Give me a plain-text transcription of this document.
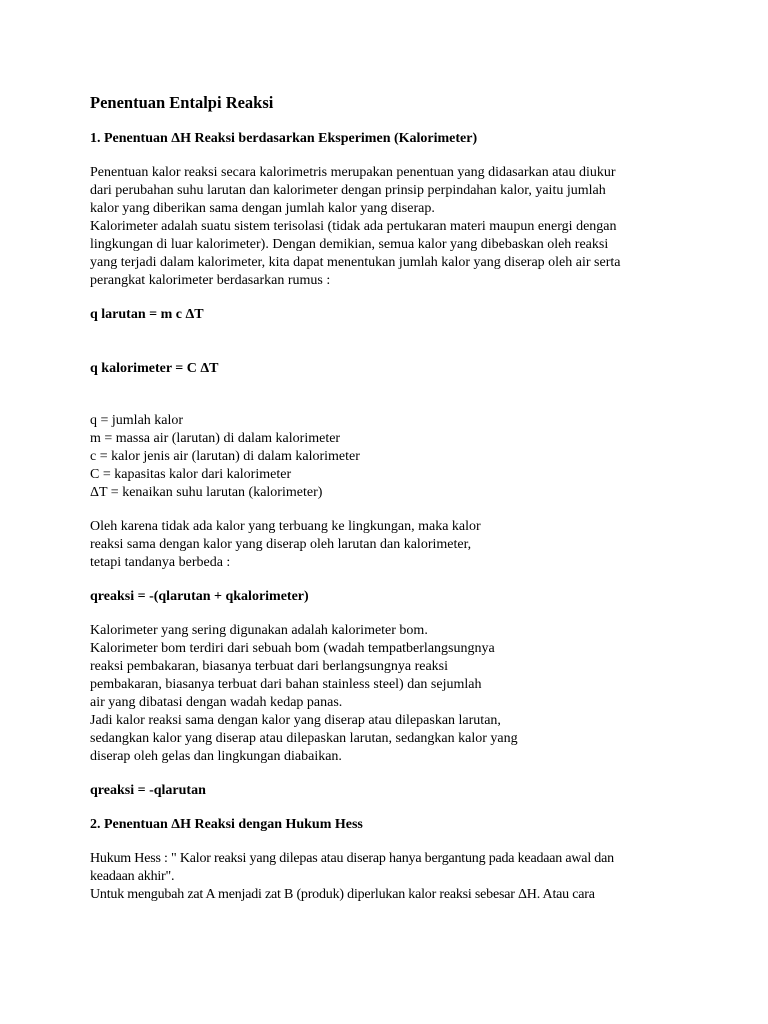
Penentuan Entalpi Reaksi
1. Penentuan ΔH Reaksi berdasarkan Eksperimen (Kalorimeter)
Penentuan kalor reaksi secara kalorimetris merupakan penentuan yang didasarkan atau diukur
dari perubahan suhu larutan dan kalorimeter dengan prinsip perpindahan kalor, yaitu jumlah
kalor yang diberikan sama dengan jumlah kalor yang diserap.
Kalorimeter adalah suatu sistem terisolasi (tidak ada pertukaran materi maupun energi dengan
lingkungan di luar kalorimeter). Dengan demikian, semua kalor yang dibebaskan oleh reaksi
yang terjadi dalam kalorimeter, kita dapat menentukan jumlah kalor yang diserap oleh air serta
perangkat kalorimeter berdasarkan rumus :
q larutan = m c ΔT
q kalorimeter = C ΔT
q = jumlah kalor
m = massa air (larutan) di dalam kalorimeter
c = kalor jenis air (larutan) di dalam kalorimeter
C = kapasitas kalor dari kalorimeter
ΔT = kenaikan suhu larutan (kalorimeter)
Oleh karena tidak ada kalor yang terbuang ke lingkungan, maka kalor
reaksi sama dengan kalor yang diserap oleh larutan dan kalorimeter,
tetapi tandanya berbeda :
qreaksi = -(qlarutan + qkalorimeter)
Kalorimeter yang sering digunakan adalah kalorimeter bom.
Kalorimeter bom terdiri dari sebuah bom (wadah tempatberlangsungnya
reaksi pembakaran, biasanya terbuat dari berlangsungnya reaksi
pembakaran, biasanya terbuat dari bahan stainless steel) dan sejumlah
air yang dibatasi dengan wadah kedap panas.
Jadi kalor reaksi sama dengan kalor yang diserap atau dilepaskan larutan,
sedangkan kalor yang diserap atau dilepaskan larutan, sedangkan kalor yang
diserap oleh gelas dan lingkungan diabaikan.
qreaksi = -qlarutan
2. Penentuan ΔH Reaksi dengan Hukum Hess
Hukum Hess : " Kalor reaksi yang dilepas atau diserap hanya bergantung pada keadaan awal dan
keadaan akhir".
Untuk mengubah zat A menjadi zat B (produk) diperlukan kalor reaksi sebesar ΔH. Atau cara
